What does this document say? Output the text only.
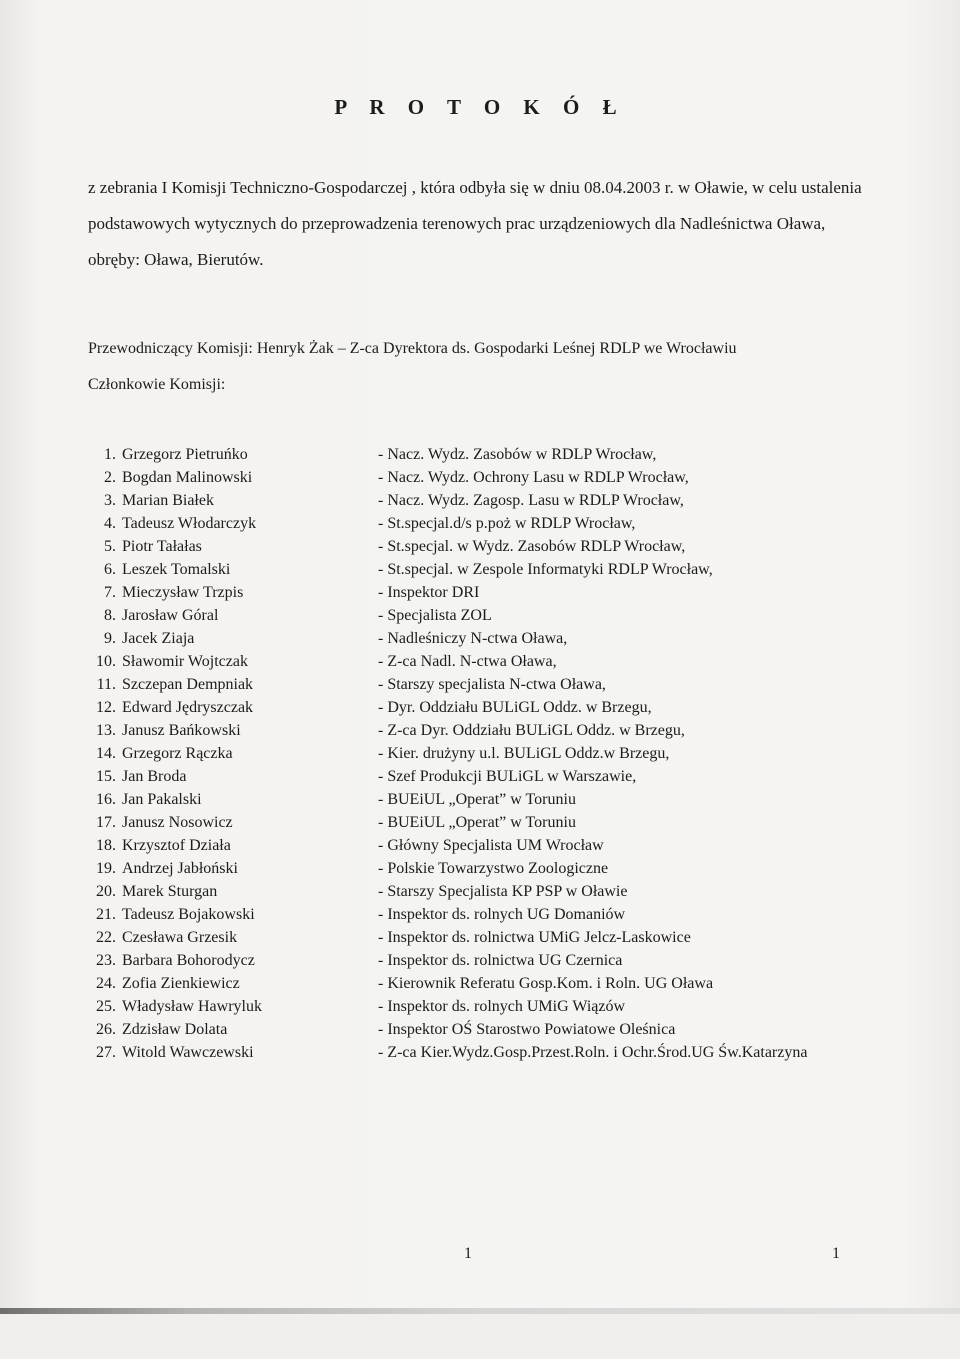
P R O T O K Ó Ł
z zebrania I Komisji Techniczno-Gospodarczej , która odbyła się w dniu 08.04.2003 r. w Oławie, w celu ustalenia podstawowych wytycznych do przeprowadzenia terenowych prac urządzeniowych dla Nadleśnictwa Oława, obręby: Oława, Bierutów.
Przewodniczący Komisji: Henryk Żak – Z-ca Dyrektora ds. Gospodarki Leśnej RDLP we Wrocławiu
Członkowie Komisji:
1. Grzegorz Pietruńko	- Nacz. Wydz. Zasobów w RDLP Wrocław,
2. Bogdan Malinowski	- Nacz. Wydz. Ochrony Lasu w RDLP Wrocław,
3. Marian Białek	- Nacz. Wydz. Zagosp. Lasu w RDLP Wrocław,
4. Tadeusz Włodarczyk	- St.specjal.d/s p.poż w RDLP Wrocław,
5. Piotr Tałałas	- St.specjal. w Wydz. Zasobów RDLP Wrocław,
6. Leszek Tomalski	- St.specjal. w Zespole Informatyki RDLP Wrocław,
7. Mieczysław Trzpis	- Inspektor DRI
8. Jarosław Góral	- Specjalista ZOL
9. Jacek Ziaja	- Nadleśniczy N-ctwa Oława,
10. Sławomir Wojtczak	- Z-ca Nadl. N-ctwa Oława,
11. Szczepan Dempniak	- Starszy specjalista N-ctwa Oława,
12. Edward Jędryszczak	- Dyr. Oddziału BULiGL Oddz. w Brzegu,
13. Janusz Bańkowski	- Z-ca Dyr. Oddziału BULiGL Oddz. w Brzegu,
14. Grzegorz Rączka	- Kier. drużyny u.l. BULiGL Oddz.w Brzegu,
15. Jan Broda	- Szef Produkcji BULiGL w Warszawie,
16. Jan Pakalski	- BUEiUL „Operat” w Toruniu
17. Janusz Nosowicz	- BUEiUL „Operat” w Toruniu
18. Krzysztof Działa	- Główny Specjalista UM Wrocław
19. Andrzej Jabłoński	- Polskie Towarzystwo Zoologiczne
20. Marek Sturgan	- Starszy Specjalista KP PSP w Oławie
21. Tadeusz Bojakowski	- Inspektor ds. rolnych UG Domaniów
22. Czesława Grzesik	- Inspektor ds. rolnictwa UMiG Jelcz-Laskowice
23. Barbara Bohorodycz	- Inspektor ds. rolnictwa UG Czernica
24. Zofia Zienkiewicz	- Kierownik Referatu Gosp.Kom. i Roln. UG Oława
25. Władysław Hawryluk	- Inspektor ds. rolnych UMiG Wiązów
26. Zdzisław Dolata	- Inspektor OŚ Starostwo Powiatowe Oleśnica
27. Witold Wawczewski	- Z-ca Kier.Wydz.Gosp.Przest.Roln. i Ochr.Środ.UG Św.Katarzyna
1	1
